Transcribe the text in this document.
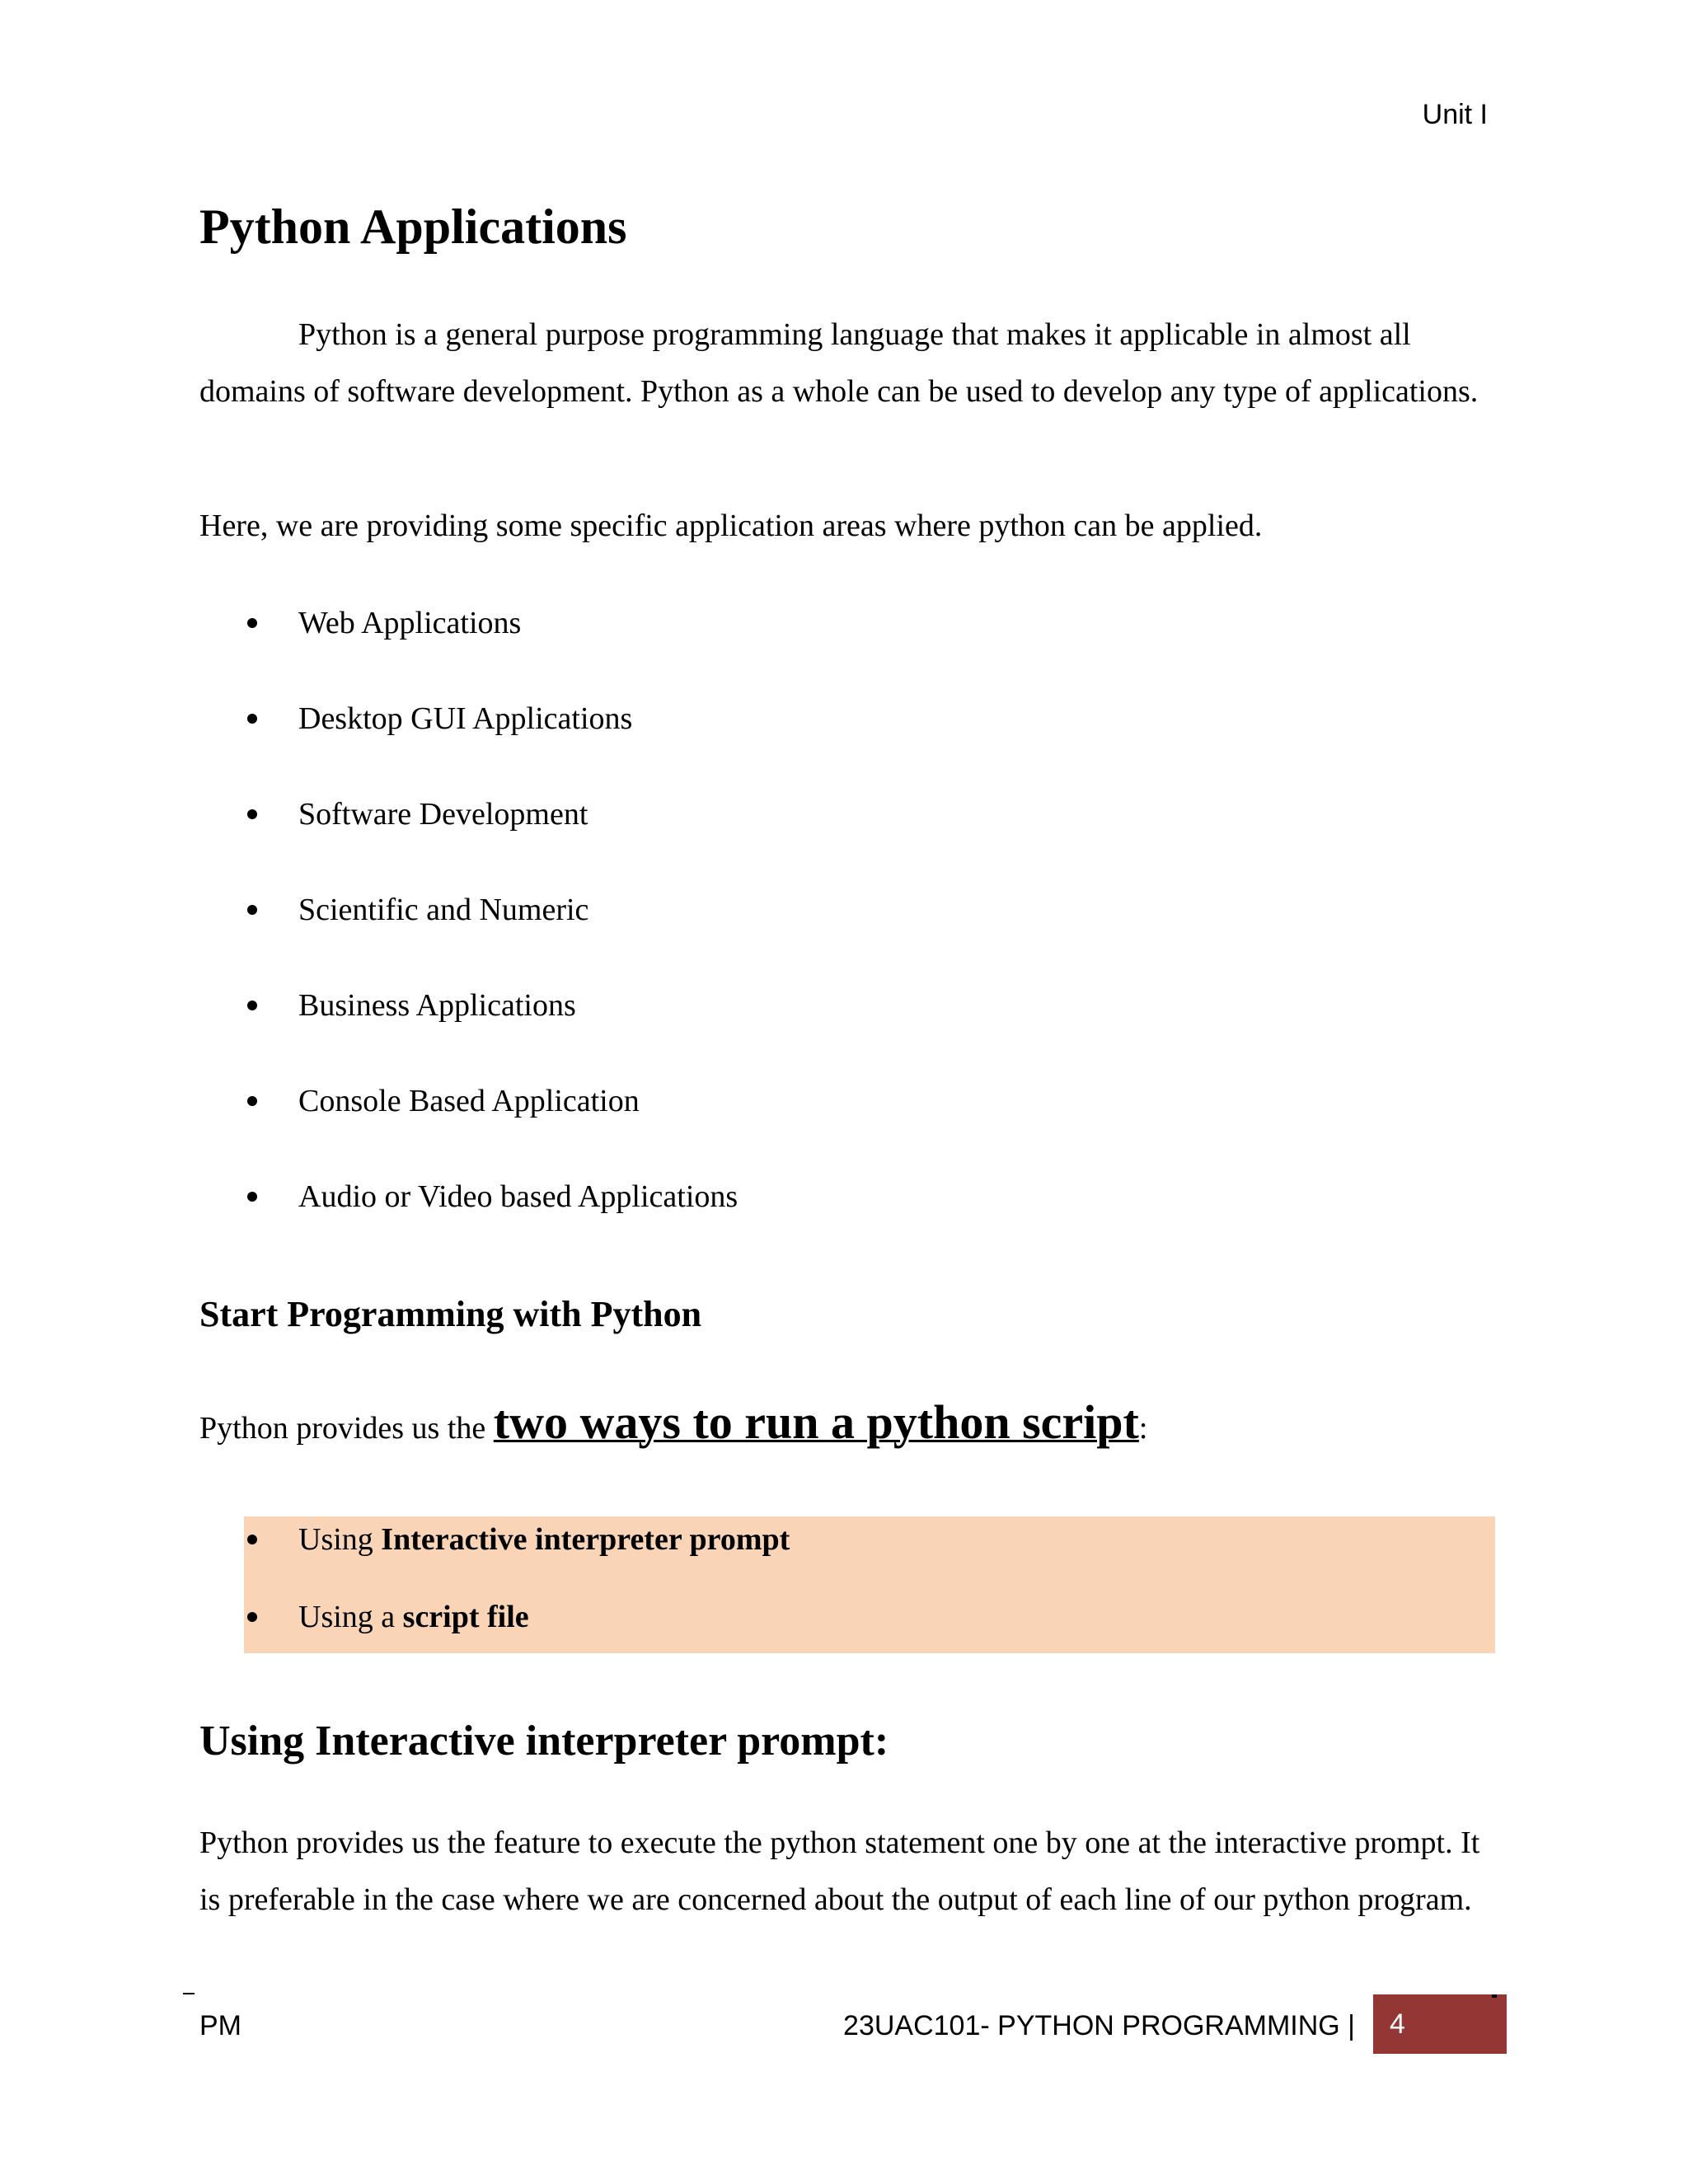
Unit I
Python Applications

Python is a general purpose programming language that makes it applicable in almost all domains of software development. Python as a whole can be used to develop any type of applications.

Here, we are providing some specific application areas where python can be applied.

Web Applications
Desktop GUI Applications
Software Development
Scientific and Numeric
Business Applications
Console Based Application
Audio or Video based Applications
Start Programming with Python

Python provides us the two ways to run a python script:

Using Interactive interpreter prompt
Using a script file
Using Interactive interpreter prompt:

Python provides us the feature to execute the python statement one by one at the interactive prompt. It is preferable in the case where we are concerned about the output of each line of our python program.

PM	23UAC101- PYTHON PROGRAMMING | 4
